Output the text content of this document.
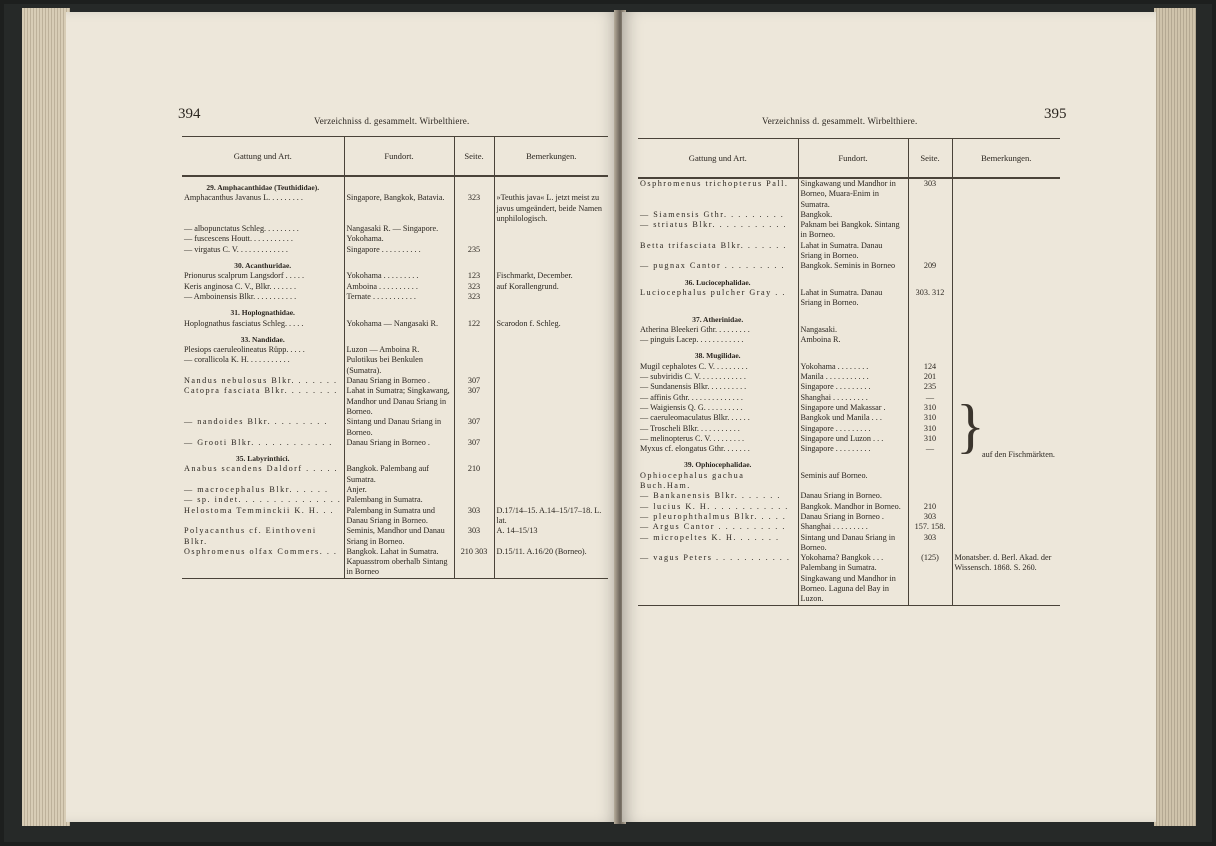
394	Verzeichniss d. gesammelt. Wirbelthiere.
Gattung und Art.	Fundort.	Seite.	Bemerkungen.
29. Amphacanthidae (Teuthididae).			
Amphacanthus Javanus L. . . . . . . . .	Singapore, Bangkok, Batavia.	323	»Teuthis java« L. jetzt meist zu javus umgeändert, beide Namen unphilologisch.
— albopunctatus Schleg. . . . . . . . .	Nangasaki R. — Singapore.		
— fuscescens Houtt. . . . . . . . . . .	Yokohama.		
— virgatus C. V. . . . . . . . . . . . .	Singapore . . . . . . . . . .	235	
30. Acanthuridae.			
Prionurus scalprum Langsdorf . . . . .	Yokohama . . . . . . . . .	123	Fischmarkt, December.
Keris anginosa C. V., Blkr. . . . . . .	Amboina . . . . . . . . . .	323	auf Korallengrund.
— Amboinensis Blkr. . . . . . . . . . .	Ternate . . . . . . . . . . .	323	
31. Hoplognathidae.			
Hoplognathus fasciatus Schleg. . . . .	Yokohama — Nangasaki R.	122	Scarodon f. Schleg.
33. Nandidae.			
Plesiops caeruleolineatus Rüpp. . . . .	Luzon — Amboina R.		
— corallicola K. H. . . . . . . . . . .	Pulotikus bei Benkulen (Sumatra).		
Nandus nebulosus Blkr. . . . . . .	Danau Sriang in Borneo .	307	
Catopra fasciata Blkr. . . . . . . .	Lahat in Sumatra; Singkawang, Mandhor und Danau Sriang in Borneo.	307	
— nandoides Blkr. . . . . . . . .	Sintang und Danau Sriang in Borneo.	307	
— Grooti Blkr. . . . . . . . . . . .	Danau Sriang in Borneo .	307	
35. Labyrinthici.			
Anabus scandens Daldorf . . . . .	Bangkok. Palembang auf Sumatra.	210	
— macrocephalus Blkr. . . . . .	Anjer.		
— sp. indet. . . . . . . . . . . . . . .	Palembang in Sumatra.		
Helostoma Temminckii K. H. . .	Palembang in Sumatra und Danau Sriang in Borneo.	303	D.17/14–15. A.14–15/17–18. L. lat.
Polyacanthus cf. Einthoveni Blkr.	Seminis, Mandhor und Danau Sriang in Borneo.	303	A. 14–15/13
Osphromenus olfax Commers. . .	Bangkok. Lahat in Sumatra. Kapuasstrom oberhalb Sintang in Borneo	210 303	D.15/11. A.16/20 (Borneo).
Verzeichniss d. gesammelt. Wirbelthiere.	395
Gattung und Art.	Fundort.	Seite.	Bemerkungen.
Osphromenus trichopterus Pall.	Singkawang und Mandhor in Borneo, Muara-Enim in Sumatra.	303	
— Siamensis Gthr. . . . . . . . .	Bangkok.		
— striatus Blkr. . . . . . . . . . .	Paknam bei Bangkok. Sintang in Borneo.		
Betta trifasciata Blkr. . . . . . .	Lahat in Sumatra. Danau Sriang in Borneo.		
— pugnax Cantor . . . . . . . . .	Bangkok. Seminis in Borneo	209	
36. Luciocephalidae.			
Luciocephalus pulcher Gray . .	Lahat in Sumatra. Danau Sriang in Borneo.	303. 312	
37. Atherinidae.			
Atherina Bleekeri Gthr. . . . . . . . .	Nangasaki.		
— pinguis Lacep. . . . . . . . . . . .	Amboina R.		
38. Mugilidae.			
Mugil cephalotes C. V. . . . . . . . .	Yokohama . . . . . . . .	124	
— subviridis C. V. . . . . . . . . . . .	Manila . . . . . . . . . . .	201	
— Sundanensis Blkr. . . . . . . . . .	Singapore . . . . . . . . .	235	
— affinis Gthr. . . . . . . . . . . . . .	Shanghai . . . . . . . . .	—	
— Waigiensis Q. G. . . . . . . . . .	Singapore und Makassar .	310	
— caeruleomaculatus Blkr. . . . . .	Bangkok und Manila . . .	310	
— Troscheli Blkr. . . . . . . . . . .	Singapore . . . . . . . . .	310	
— melinopterus C. V. . . . . . . . .	Singapore und Luzon . . .	310	
Myxus cf. elongatus Gthr. . . . . . .	Singapore . . . . . . . . .	—	
39. Ophiocephalidae.			
Ophiocephalus gachua Buch.Ham.	Seminis auf Borneo.		
— Bankanensis Blkr. . . . . . .	Danau Sriang in Borneo.		
— lucius K. H. . . . . . . . . . . .	Bangkok. Mandhor in Borneo.	210	
— pleurophthalmus Blkr. . . . .	Danau Sriang in Borneo .	303	
— Argus Cantor . . . . . . . . . .	Shanghai . . . . . . . . .	157. 158.	
— micropeltes K. H. . . . . . .	Sintang und Danau Sriang in Borneo.	303	
— vagus Peters . . . . . . . . . . .	Yokohama? Bangkok . . . Palembang in Sumatra. Singkawang und Mandhor in Borneo. Laguna del Bay in Luzon.	(125)	Monatsber. d. Berl. Akad. der Wissensch. 1868. S. 260.
}
auf den Fischmärkten.
